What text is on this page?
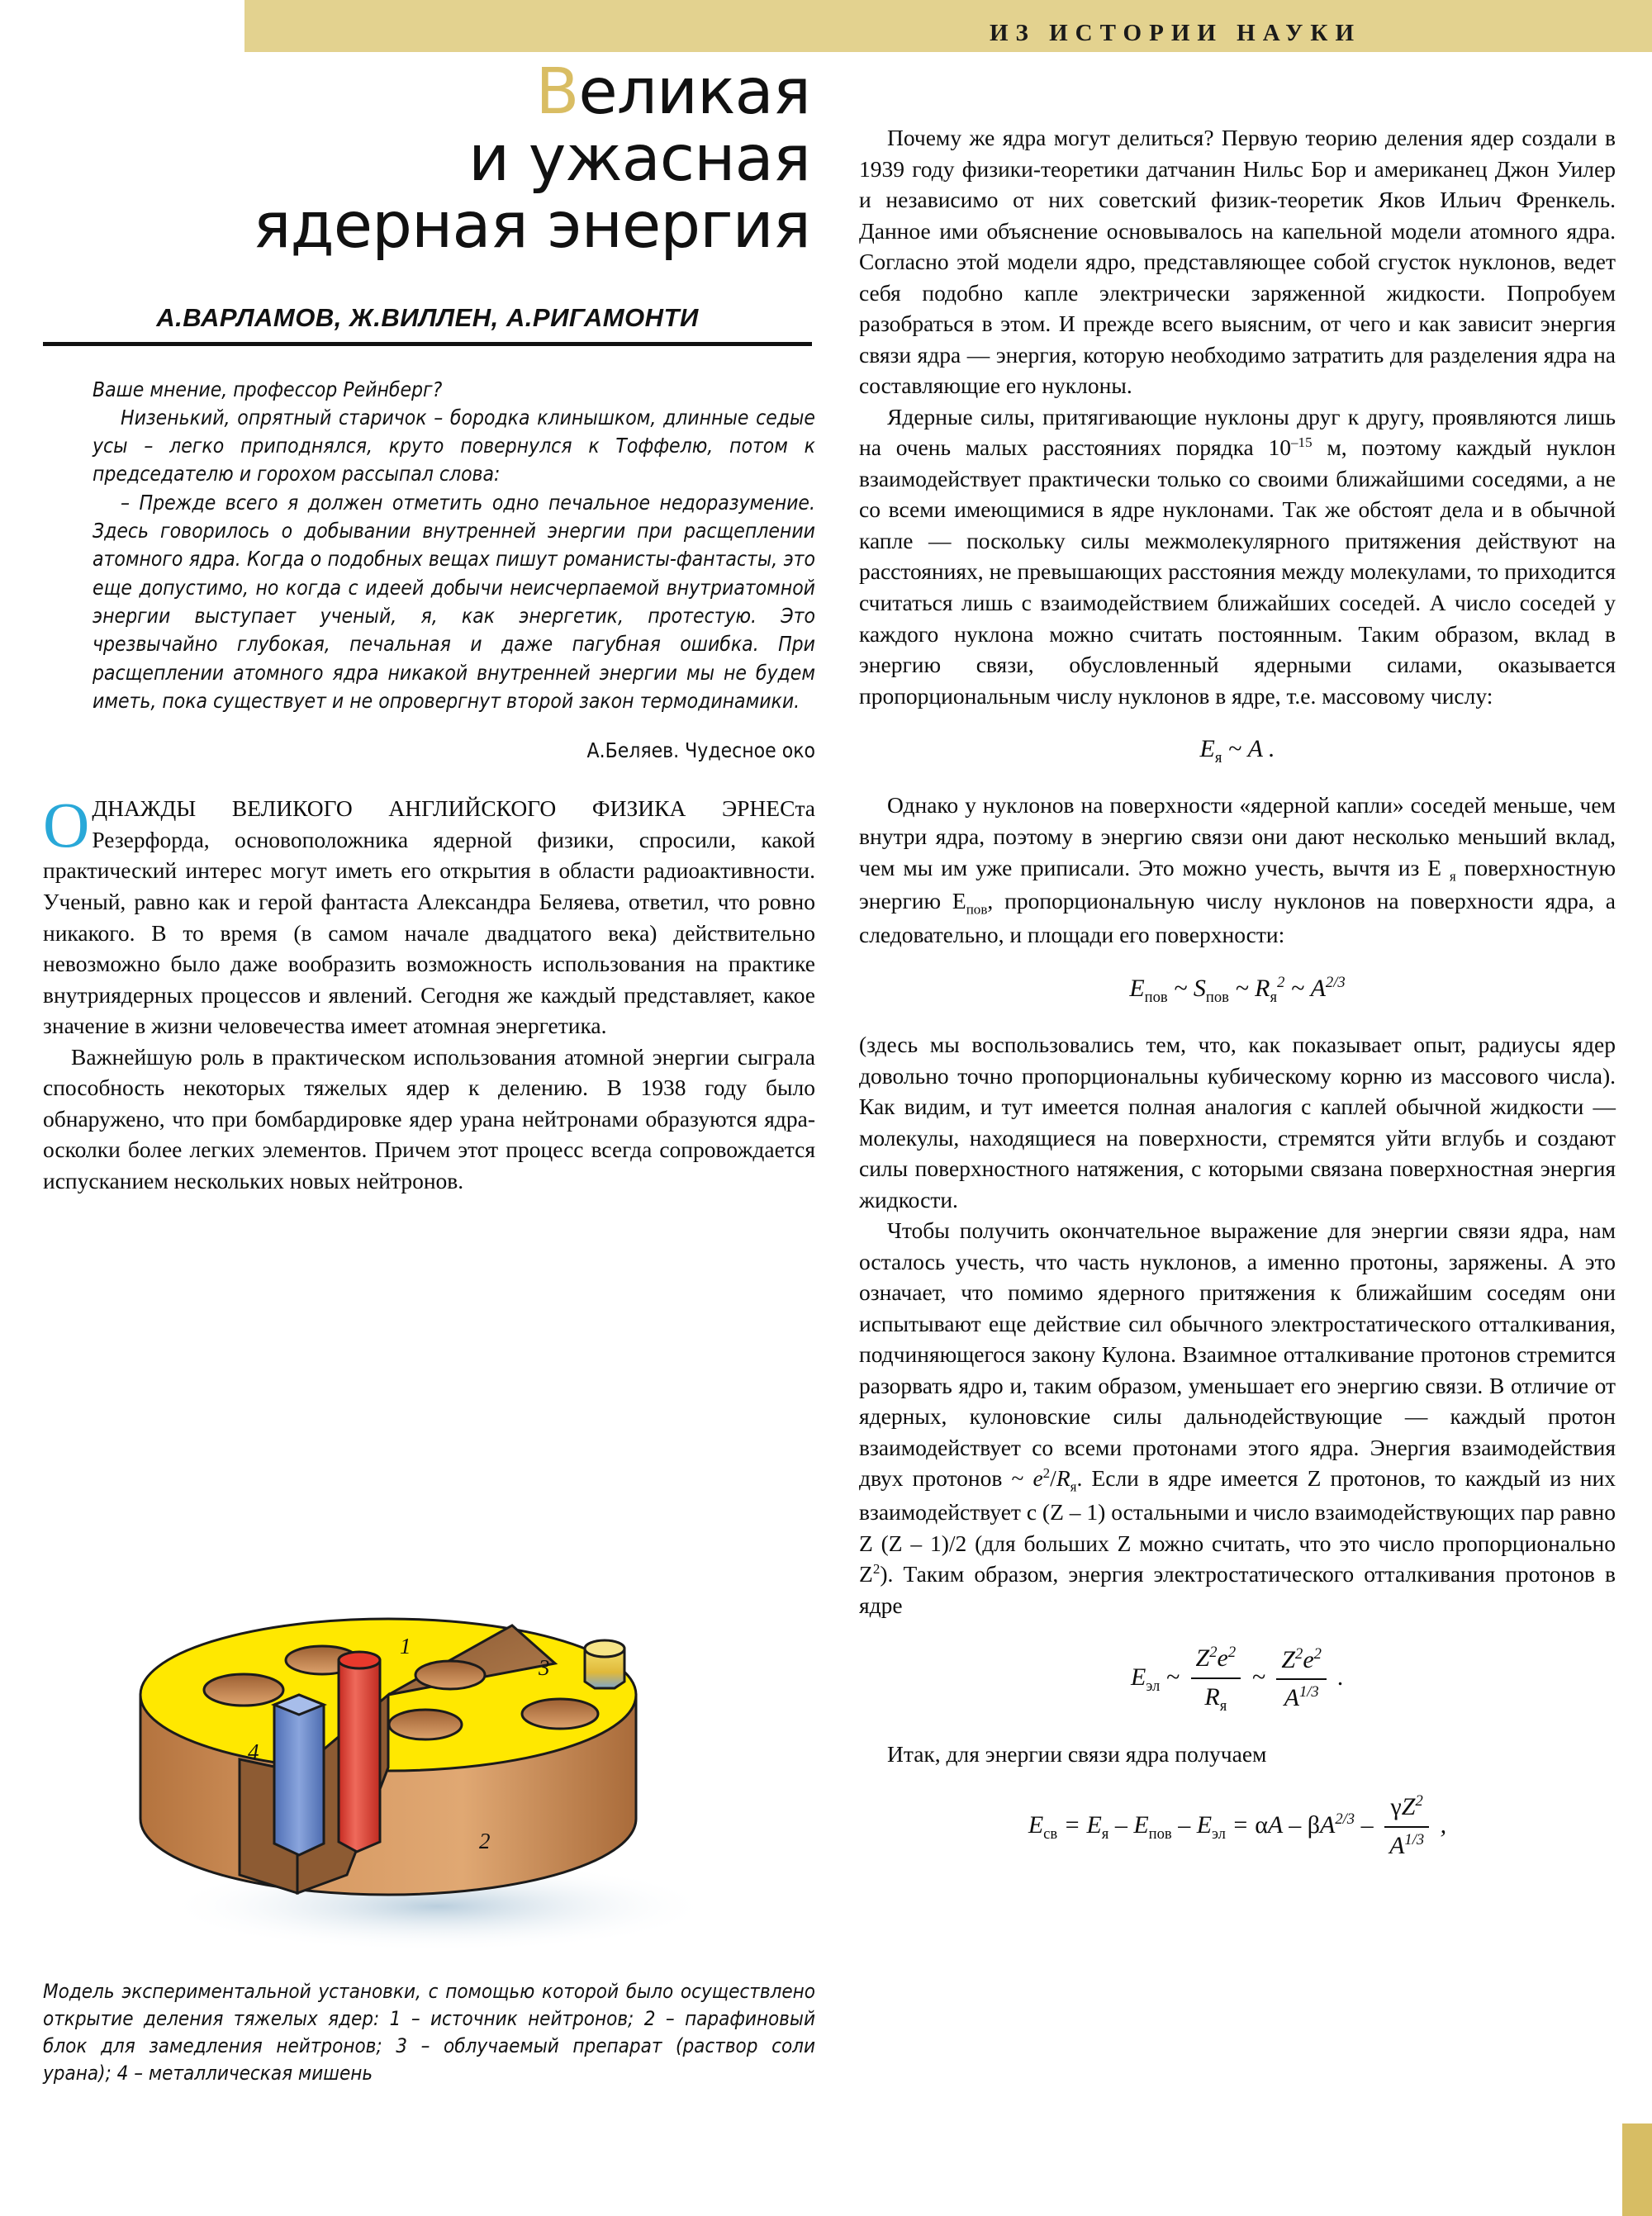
ИЗ ИСТОРИИ НАУКИ
Великая
и ужасная
ядерная энергия
А.ВАРЛАМОВ, Ж.ВИЛЛЕН, А.РИГАМОНТИ

Ваше мнение, профессор Рейнберг?

Низенький, опрятный старичок – бородка клинышком, длинные седые усы – легко приподнялся, круто повернулся к Тоффелю, потом к председателю и горохом рассыпал слова:

– Прежде всего я должен отметить одно печальное недоразумение. Здесь говорилось о добывании внутренней энергии при расщеплении атомного ядра. Когда о подобных вещах пишут романисты-фантасты, это еще допустимо, но когда с идеей добычи неисчерпаемой внутриатомной энергии выступает ученый, я, как энергетик, протестую. Это чрезвычайно глубокая, печальная и даже пагубная ошибка. При расщеплении атомного ядра никакой внутренней энергии мы не будем иметь, пока существует и не опровергнут второй закон термодинамики.

А.Беляев. Чудесное око

ОДНАЖДЫ ВЕЛИКОГО АНГЛИЙСКОГО ФИЗИКА ЭРНЕСта Резерфорда, основоположника ядерной физики, спросили, какой практический интерес могут иметь его открытия в области радиоактивности. Ученый, равно как и герой фантаста Александра Беляева, ответил, что ровно никакого. В то время (в самом начале двадцатого века) действительно невозможно было даже вообразить возможность использования на практике внутриядерных процессов и явлений. Сегодня же каждый представляет, какое значение в жизни человечества имеет атомная энергетика.

Важнейшую роль в практическом использования атомной энергии сыграла способность некоторых тяжелых ядер к делению. В 1938 году было обнаружено, что при бомбардировке ядер урана нейтронами образуются ядра-осколки более легких элементов. Причем этот процесс всегда сопровождается испусканием нескольких новых нейтронов.

1
2
3
4
Модель экспериментальной установки, с помощью которой было осуществлено открытие деления тяжелых ядер: 1 – источник нейтронов; 2 – парафиновый блок для замедления нейтронов; 3 – облучаемый препарат (раствор соли урана); 4 – металлическая мишень

Почему же ядра могут делиться? Первую теорию деления ядер создали в 1939 году физики-теоретики датчанин Нильс Бор и американец Джон Уилер и независимо от них советский физик-теоретик Яков Ильич Френкель. Данное ими объяснение основывалось на капельной модели атомного ядра. Согласно этой модели ядро, представляющее собой сгусток нуклонов, ведет себя подобно капле электрически заряженной жидкости. Попробуем разобраться в этом. И прежде всего выясним, от чего и как зависит энергия связи ядра — энергия, которую необходимо затратить для разделения ядра на составляющие его нуклоны.

Ядерные силы, притягивающие нуклоны друг к другу, проявляются лишь на очень малых расстояниях порядка $10^{-15}$ м, поэтому каждый нуклон взаимодействует практически только со своими ближайшими соседями, а не со всеми имеющимися в ядре нуклонами. Так же обстоят дела и в обычной капле — поскольку силы межмолекулярного притяжения действуют на расстояниях, не превышающих расстояния между молекулами, то приходится считаться лишь с взаимодействием ближайших соседей. А число соседей у каждого нуклона можно считать постоянным. Таким образом, вклад в энергию связи, обусловленный ядерными силами, оказывается пропорциональным числу нуклонов в ядре, т.е. массовому числу:

$E_я$ ~ A .

Однако у нуклонов на поверхности «ядерной капли» соседей меньше, чем внутри ядра, поэтому в энергию связи они дают несколько меньший вклад, чем мы им уже приписали. Это можно учесть, вычтя из E $_я$ поверхностную энергию $E_{пов}$, пропорциональную числу нуклонов на поверхности ядра, а следовательно, и площади его поверхности:

$E_{пов}$ ~ $S_{пов}$ ~ $R_я^2$ ~ $A^{2/3}$

(здесь мы воспользовались тем, что, как показывает опыт, радиусы ядер довольно точно пропорциональны кубическому корню из массового числа). Как видим, и тут имеется полная аналогия с каплей обычной жидкости — молекулы, находящиеся на поверхности, стремятся уйти вглубь и создают силы поверхностного натяжения, с которыми связана поверхностная энергия жидкости.

Чтобы получить окончательное выражение для энергии связи ядра, нам осталось учесть, что часть нуклонов, а именно протоны, заряжены. А это означает, что помимо ядерного притяжения к ближайшим соседям они испытывают еще действие сил обычного электростатического отталкивания, подчиняющегося закону Кулона. Взаимное отталкивание протонов стремится разорвать ядро и, таким образом, уменьшает его энергию связи. В отличие от ядерных, кулоновские силы дальнодействующие — каждый протон взаимодействует со всеми протонами этого ядра. Энергия взаимодействия двух протонов ~ $e^2/R_я$. Если в ядре имеется Z протонов, то каждый из них взаимодействует с (Z – 1) остальными и число взаимодействующих пар равно Z (Z – 1)/2 (для больших Z можно считать, что это число пропорционально $Z^2$). Таким образом, энергия электростатического отталкивания протонов в ядре

$E_{эл}$ ~ $\frac{Z^2e^2}{R_я}$ ~ $\frac{Z^2e^2}{A^{1/3}}$ .

Итак, для энергии связи ядра получаем

$E_{св} = E_я - E_{пов} - E_{эл} = \alpha A - \beta A^{2/3} - \frac{\gamma Z^2}{A^{1/3}}$ ,
